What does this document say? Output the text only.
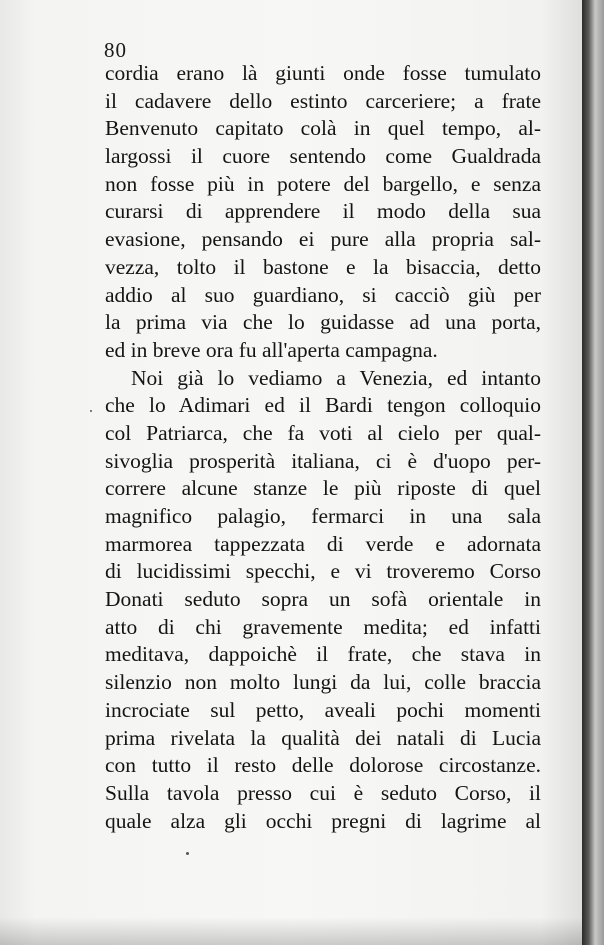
80
cordia erano là giunti onde fosse tumulato
il cadavere dello estinto carceriere; a frate
Benvenuto capitato colà in quel tempo, al-
largossi il cuore sentendo come Gualdrada
non fosse più in potere del bargello, e senza
curarsi di apprendere il modo della sua
evasione, pensando ei pure alla propria sal-
vezza, tolto il bastone e la bisaccia, detto
addio al suo guardiano, si cacciò giù per
la prima via che lo guidasse ad una porta,
ed in breve ora fu all'aperta campagna.
Noi già lo vediamo a Venezia, ed intanto
che lo Adimari ed il Bardi tengon colloquio
col Patriarca, che fa voti al cielo per qual-
sivoglia prosperità italiana, ci è d'uopo per-
correre alcune stanze le più riposte di quel
magnifico palagio, fermarci in una sala
marmorea tappezzata di verde e adornata
di lucidissimi specchi, e vi troveremo Corso
Donati seduto sopra un sofà orientale in
atto di chi gravemente medita; ed infatti
meditava, dappoichè il frate, che stava in
silenzio non molto lungi da lui, colle braccia
incrociate sul petto, aveali pochi momenti
prima rivelata la qualità dei natali di Lucia
con tutto il resto delle dolorose circostanze.
Sulla tavola presso cui è seduto Corso, il
quale alza gli occhi pregni di lagrime al
